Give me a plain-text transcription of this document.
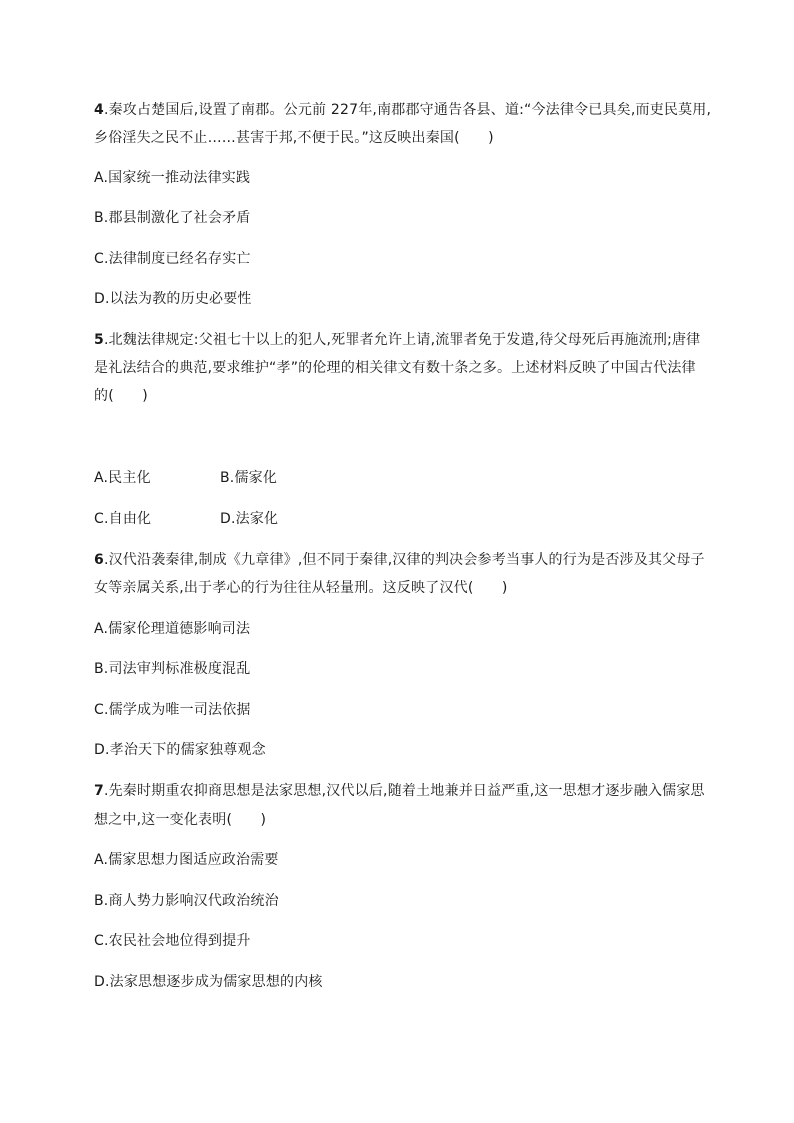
4.秦攻占楚国后,设置了南郡。公元前 227年,南郡郡守通告各县、道:“今法律令已具矣,而吏民莫用,
乡俗淫失之民不止……甚害于邦,不便于民。”这反映出秦国(　　)
A.国家统一推动法律实践
B.郡县制激化了社会矛盾
C.法律制度已经名存实亡
D.以法为教的历史必要性
5.北魏法律规定:父祖七十以上的犯人,死罪者允许上请,流罪者免于发遣,待父母死后再施流刑;唐律
是礼法结合的典范,要求维护“孝”的伦理的相关律文有数十条之多。上述材料反映了中国古代法律
的(　　)
A.民主化	B.儒家化
C.自由化	D.法家化
6.汉代沿袭秦律,制成《九章律》,但不同于秦律,汉律的判决会参考当事人的行为是否涉及其父母子
女等亲属关系,出于孝心的行为往往从轻量刑。这反映了汉代(　　)
A.儒家伦理道德影响司法
B.司法审判标准极度混乱
C.儒学成为唯一司法依据
D.孝治天下的儒家独尊观念
7.先秦时期重农抑商思想是法家思想,汉代以后,随着土地兼并日益严重,这一思想才逐步融入儒家思
想之中,这一变化表明(　　)
A.儒家思想力图适应政治需要
B.商人势力影响汉代政治统治
C.农民社会地位得到提升
D.法家思想逐步成为儒家思想的内核
